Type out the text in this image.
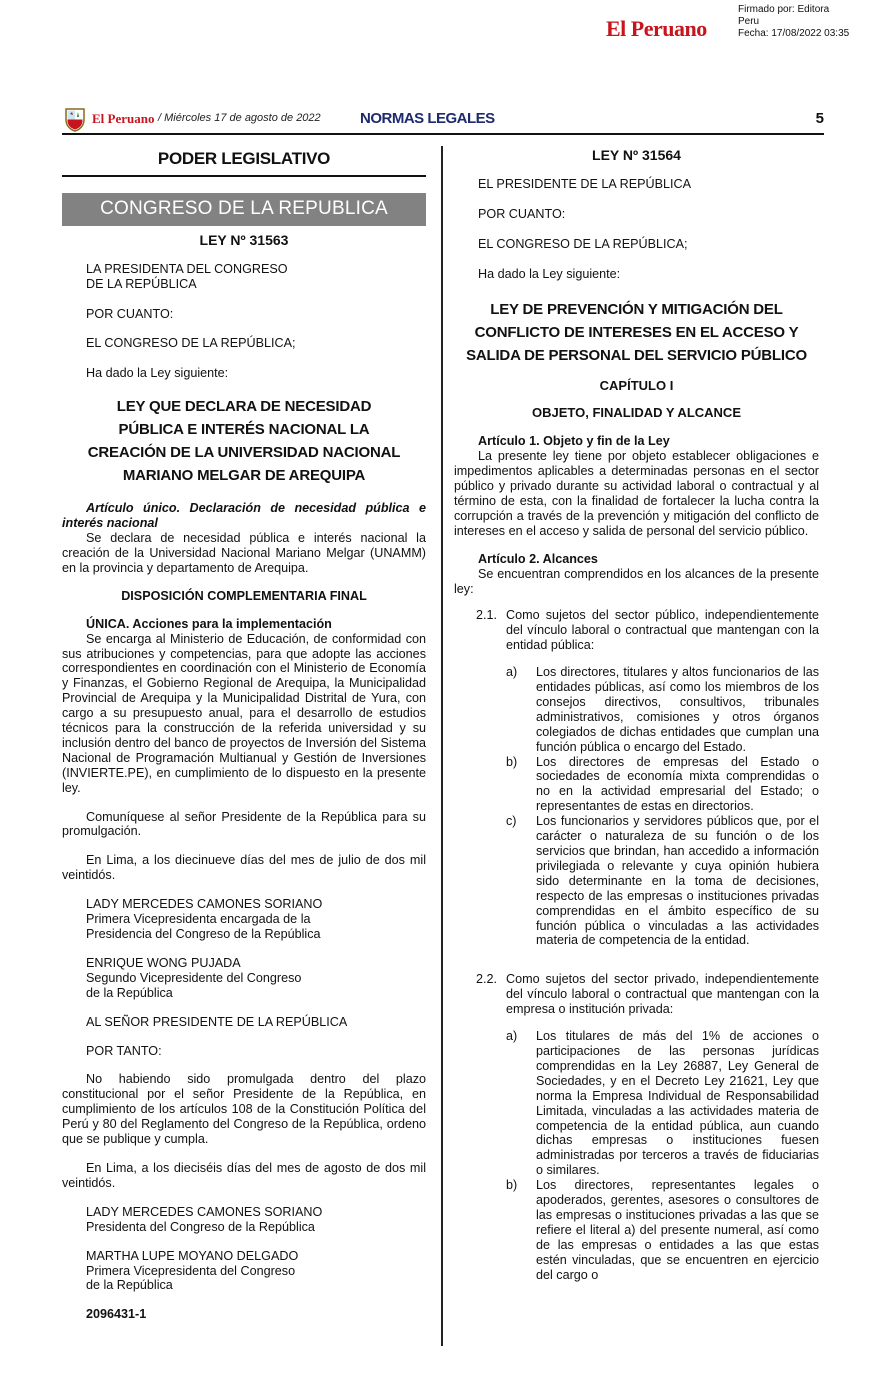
El Peruano
Firmado por: Editora
Peru
Fecha: 17/08/2022 03:35
El Peruano / Miércoles 17 de agosto de 2022	NORMAS LEGALES	5
PODER LEGISLATIVO
CONGRESO DE LA REPUBLICA
LEY Nº 31563
LA PRESIDENTA DEL CONGRESO
DE LA REPÚBLICA
POR CUANTO:
EL CONGRESO DE LA REPÚBLICA;
Ha dado la Ley siguiente:
LEY QUE DECLARA DE NECESIDAD
PÚBLICA E INTERÉS NACIONAL LA
CREACIÓN DE LA UNIVERSIDAD NACIONAL
MARIANO MELGAR DE AREQUIPA
Artículo único. Declaración de necesidad pública e interés nacional
Se declara de necesidad pública e interés nacional la creación de la Universidad Nacional Mariano Melgar (UNAMM) en la provincia y departamento de Arequipa.
DISPOSICIÓN COMPLEMENTARIA FINAL
ÚNICA. Acciones para la implementación
Se encarga al Ministerio de Educación, de conformidad con sus atribuciones y competencias, para que adopte las acciones correspondientes en coordinación con el Ministerio de Economía y Finanzas, el Gobierno Regional de Arequipa, la Municipalidad Provincial de Arequipa y la Municipalidad Distrital de Yura, con cargo a su presupuesto anual, para el desarrollo de estudios técnicos para la construcción de la referida universidad y su inclusión dentro del banco de proyectos de Inversión del Sistema Nacional de Programación Multianual y Gestión de Inversiones (INVIERTE.PE), en cumplimiento de lo dispuesto en la presente ley.
Comuníquese al señor Presidente de la República para su promulgación.
En Lima, a los diecinueve días del mes de julio de dos mil veintidós.
LADY MERCEDES CAMONES SORIANO
Primera Vicepresidenta encargada de la
Presidencia del Congreso de la República
ENRIQUE WONG PUJADA
Segundo Vicepresidente del Congreso
de la República
AL SEÑOR PRESIDENTE DE LA REPÚBLICA
POR TANTO:
No habiendo sido promulgada dentro del plazo constitucional por el señor Presidente de la República, en cumplimiento de los artículos 108 de la Constitución Política del Perú y 80 del Reglamento del Congreso de la República, ordeno que se publique y cumpla.
En Lima, a los dieciséis días del mes de agosto de dos mil veintidós.
LADY MERCEDES CAMONES SORIANO
Presidenta del Congreso de la República
MARTHA LUPE MOYANO DELGADO
Primera Vicepresidenta del Congreso
de la República
2096431-1
LEY Nº 31564
EL PRESIDENTE DE LA REPÚBLICA
POR CUANTO:
EL CONGRESO DE LA REPÚBLICA;
Ha dado la Ley siguiente:
LEY DE PREVENCIÓN Y MITIGACIÓN DEL
CONFLICTO DE INTERESES EN EL ACCESO Y
SALIDA DE PERSONAL DEL SERVICIO PÚBLICO
CAPÍTULO I
OBJETO, FINALIDAD Y ALCANCE
Artículo 1. Objeto y fin de la Ley
La presente ley tiene por objeto establecer obligaciones e impedimentos aplicables a determinadas personas en el sector público y privado durante su actividad laboral o contractual y al término de esta, con la finalidad de fortalecer la lucha contra la corrupción a través de la prevención y mitigación del conflicto de intereses en el acceso y salida de personal del servicio público.
Artículo 2. Alcances
Se encuentran comprendidos en los alcances de la presente ley:
2.1. Como sujetos del sector público, independientemente del vínculo laboral o contractual que mantengan con la entidad pública:
a) Los directores, titulares y altos funcionarios de las entidades públicas, así como los miembros de los consejos directivos, consultivos, tribunales administrativos, comisiones y otros órganos colegiados de dichas entidades que cumplan una función pública o encargo del Estado.
b) Los directores de empresas del Estado o sociedades de economía mixta comprendidas o no en la actividad empresarial del Estado; o representantes de estas en directorios.
c) Los funcionarios y servidores públicos que, por el carácter o naturaleza de su función o de los servicios que brindan, han accedido a información privilegiada o relevante y cuya opinión hubiera sido determinante en la toma de decisiones, respecto de las empresas o instituciones privadas comprendidas en el ámbito específico de su función pública o vinculadas a las actividades materia de competencia de la entidad.
2.2. Como sujetos del sector privado, independientemente del vínculo laboral o contractual que mantengan con la empresa o institución privada:
a) Los titulares de más del 1% de acciones o participaciones de las personas jurídicas comprendidas en la Ley 26887, Ley General de Sociedades, y en el Decreto Ley 21621, Ley que norma la Empresa Individual de Responsabilidad Limitada, vinculadas a las actividades materia de competencia de la entidad pública, aun cuando dichas empresas o instituciones fuesen administradas por terceros a través de fiduciarias o similares.
b) Los directores, representantes legales o apoderados, gerentes, asesores o consultores de las empresas o instituciones privadas a las que se refiere el literal a) del presente numeral, así como de las empresas o entidades a las que estas estén vinculadas, que se encuentren en ejercicio del cargo o
